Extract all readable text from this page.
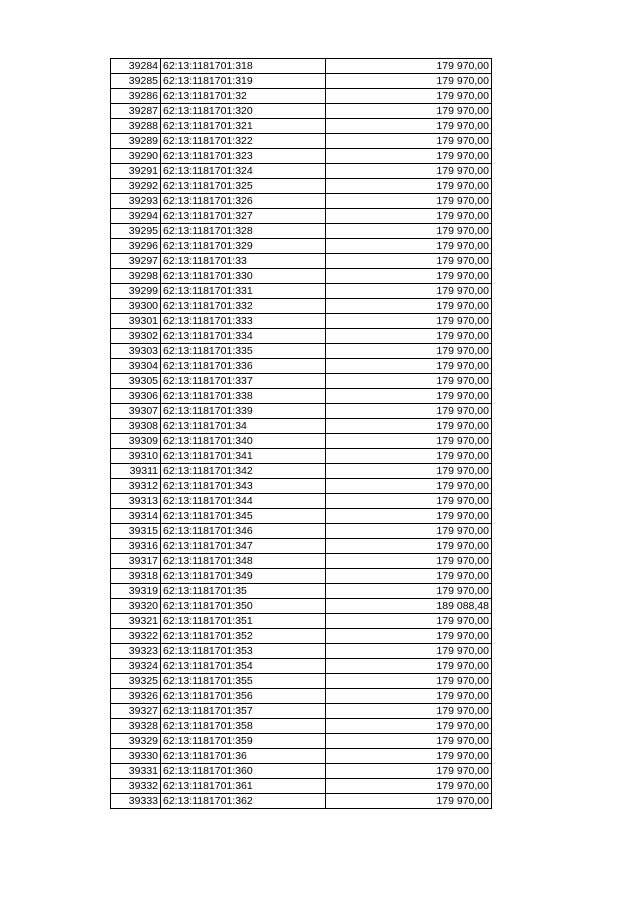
39284	62:13:1181701:318	179 970,00
39285	62:13:1181701:319	179 970,00
39286	62:13:1181701:32	179 970,00
39287	62:13:1181701:320	179 970,00
39288	62:13:1181701:321	179 970,00
39289	62:13:1181701:322	179 970,00
39290	62:13:1181701:323	179 970,00
39291	62:13:1181701:324	179 970,00
39292	62:13:1181701:325	179 970,00
39293	62:13:1181701:326	179 970,00
39294	62:13:1181701:327	179 970,00
39295	62:13:1181701:328	179 970,00
39296	62:13:1181701:329	179 970,00
39297	62:13:1181701:33	179 970,00
39298	62:13:1181701:330	179 970,00
39299	62:13:1181701:331	179 970,00
39300	62:13:1181701:332	179 970,00
39301	62:13:1181701:333	179 970,00
39302	62:13:1181701:334	179 970,00
39303	62:13:1181701:335	179 970,00
39304	62:13:1181701:336	179 970,00
39305	62:13:1181701:337	179 970,00
39306	62:13:1181701:338	179 970,00
39307	62:13:1181701:339	179 970,00
39308	62:13:1181701:34	179 970,00
39309	62:13:1181701:340	179 970,00
39310	62:13:1181701:341	179 970,00
39311	62:13:1181701:342	179 970,00
39312	62:13:1181701:343	179 970,00
39313	62:13:1181701:344	179 970,00
39314	62:13:1181701:345	179 970,00
39315	62:13:1181701:346	179 970,00
39316	62:13:1181701:347	179 970,00
39317	62:13:1181701:348	179 970,00
39318	62:13:1181701:349	179 970,00
39319	62:13:1181701:35	179 970,00
39320	62:13:1181701:350	189 088,48
39321	62:13:1181701:351	179 970,00
39322	62:13:1181701:352	179 970,00
39323	62:13:1181701:353	179 970,00
39324	62:13:1181701:354	179 970,00
39325	62:13:1181701:355	179 970,00
39326	62:13:1181701:356	179 970,00
39327	62:13:1181701:357	179 970,00
39328	62:13:1181701:358	179 970,00
39329	62:13:1181701:359	179 970,00
39330	62:13:1181701:36	179 970,00
39331	62:13:1181701:360	179 970,00
39332	62:13:1181701:361	179 970,00
39333	62:13:1181701:362	179 970,00
